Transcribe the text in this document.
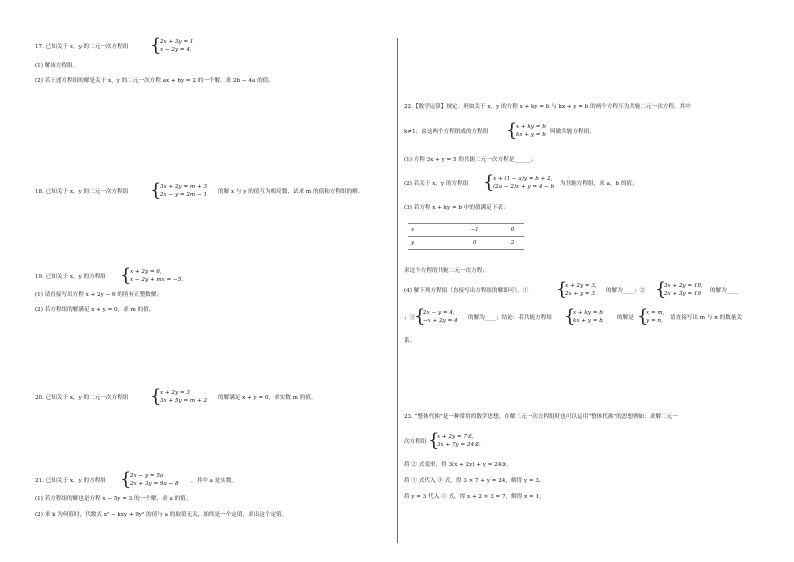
17. 已知关于 x，y 的二元一次方程组 {
2x + 3y = 1
x − 2y = 4.
(1) 解该方程组。
(2) 若上述方程组的解是关于 x，y 的二元一次方程 ax + by = 2 的一个解，求 2b − 4a 的值。
18. 已知关于 x，y 的二元一次方程组 {
3x + 2y = m + 3
2x − y = 2m − 1 的解 x 与 y 的值互为相反数，试求 m 的值和方程组的解。
19. 已知关于 x，y 的方程组 {
x + 2y = 6,
x − 2y + mx = −5.
(1) 请直接写出方程 x + 2y − 6 的所有正整数解；
(2) 若方程组的解满足 x + y = 0，求 m 的值。
20. 已知关于 x，y 的二元一次方程组 {
x + 2y = 3
3x + 5y = m + 2 的解满足 x + y = 0，求实数 m 的值。
21. 已知关于 x，y 的方程组 {
2x − y = 5a
2x + 3y = 9a − 8 ，其中 a 是实数。
(1) 若方程组的解也是方程 x − 5y = 3 的一个解，求 a 的值；
(2) 求 k 为何值时，代数式 x² − kxy + 9y² 的值与 a 的取值无关，始终是一个定值，求出这个定值。
22.【数学运算】规定：形如关于 x，y 的方程 x + ky = b 与 kx + y = b 的两个方程互为共轭二元一次方程，其中
k≠1；由这两个方程组成的方程组 {
x + ky = b
kx + y = b 叫做共轭方程组。
(1) 方程 3x + y = 5 的共轭二元一次方程是______；
(2) 若关于 x，y 的方程组 {
x + (1 − a)y = b + 2,
(2a − 2)x + y = 4 − b 为共轭方程组，求 a，b 的值；
(3) 若方程 x + ky = b 中的值满足下表：
x	−1	0
y	0	2
求这个方程的共轭二元一次方程；
(4) 解下列方程组（直接写出方程组的解即可），① {
x + 2y = 3,
2x + y = 3	的解为____；② {
3x + 2y = 10,
2x + 3y = 10	的解为____
；③
{
2x − y = 4,
−x + 2y = 4 的解为____；结论：若共轭方程组 {
x + ky = b
kx + y = b	的解是 {
x = m,
y = n,	请直接写出 m 与 n 的数量关
系。
23. “整体代换”是一种常用的数学思想，在解二元一次方程组时也可以运用“整体代换”的思想例如：求解二元一
次方程组 {
x + 2y = 7①,
3x + 7y = 24②.
将 ② 式变形，得 3(x + 2y) + y = 24③，
将 ① 式代入 ③ 式，得 3 × 7 + y = 24，解得 y = 3，
将 y = 3 代入 ① 式，得 x + 2 × 3 = 7，解得 x = 1，
